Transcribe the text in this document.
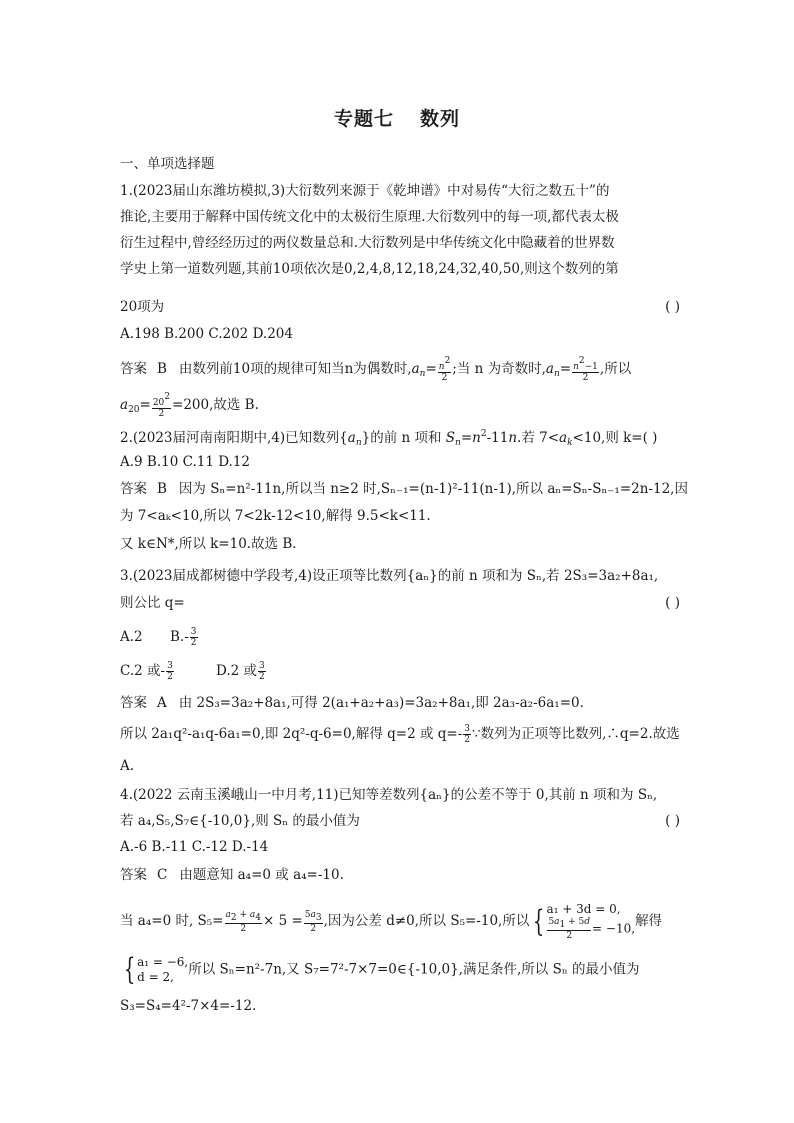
专题七 数列
一、单项选择题
1.(2023届山东潍坊模拟,3)大衍数列来源于《乾坤谱》中对易传“大衍之数五十”的
推论,主要用于解释中国传统文化中的太极衍生原理.大衍数列中的每一项,都代表太极
衍生过程中,曾经经历过的两仪数量总和.大衍数列是中华传统文化中隐藏着的世界数
学史上第一道数列题,其前10项依次是0,2,4,8,12,18,24,32,40,50,则这个数列的第
20项为	( )
A.198 B.200 C.202 D.204
答案 B 由数列前10项的规律可知当n为偶数时$,a_n= \frac{n^2}{2}$ ;当 n 为奇数时$,a_n= \frac{n^2-1}{2}$ ,所以
$a_{20}= \frac{20^2}{2} =200$,故选 B.
2.(2023届河南南阳期中,4)已知数列$\{a_n\}$的前 n 项和 $S_n=n^2-11n$.若 $7<a_k<10$,则 k=( )
A.9 B.10 C.11 D.12
答案 B 因为 Sₙ=n²-11n,所以当 n≥2 时,Sₙ₋₁=(n-1)²-11(n-1),所以 aₙ=Sₙ-Sₙ₋₁=2n-12,因
为 7<aₖ<10,所以 7<2k-12<10,解得 9.5<k<11.
又 k∈N*,所以 k=10.故选 B.
3.(2023届成都树德中学段考,4)设正项等比数列{aₙ}的前 n 项和为 Sₙ,若 2S₃=3a₂+8a₁,
则公比 q=	( )
A.2 $B.- \frac{3}{2}$
C.2 或- $\frac{3}{2}$	D.2 或 $\frac{3}{2}$
答案 A 由 2S₃=3a₂+8a₁,可得 2(a₁+a₂+a₃)=3a₂+8a₁,即 2a₃-a₂-6a₁=0.
所以 2a₁q²-a₁q-6a₁=0,即 2q²-q-6=0,解得 q=2 或 $q=- \frac{3}{2}$ ∵数列为正项等比数列,∴q=2.故选
A.
4.(2022 云南玉溪峨山一中月考,11)已知等差数列{aₙ}的公差不等于 0,其前 n 项和为 Sₙ,
若 a₄,S₅,S₇∈{-10,0},则 Sₙ 的最小值为	( )
A.-6 B.-11 C.-12 D.-14
答案 C 由题意知 a₄=0 或 a₄=-10.
当 a₄=0 时, $S_5= \frac{a_2 + a_4}{2} \times 5 = \frac{5a_3}{2}$ ,因为公差 d≠0,所以 S₅=-10,所以 { a₁ + 3d = 0,
$\frac{5a_1 + 5d}{2} = -10$, 解得
{ a₁ = −6,
d = 2,	所以 Sₙ=n²-7n,又 S₇=7²-7×7=0∈{-10,0},满足条件,所以 Sₙ 的最小值为
S₃=S₄=4²-7×4=-12.
